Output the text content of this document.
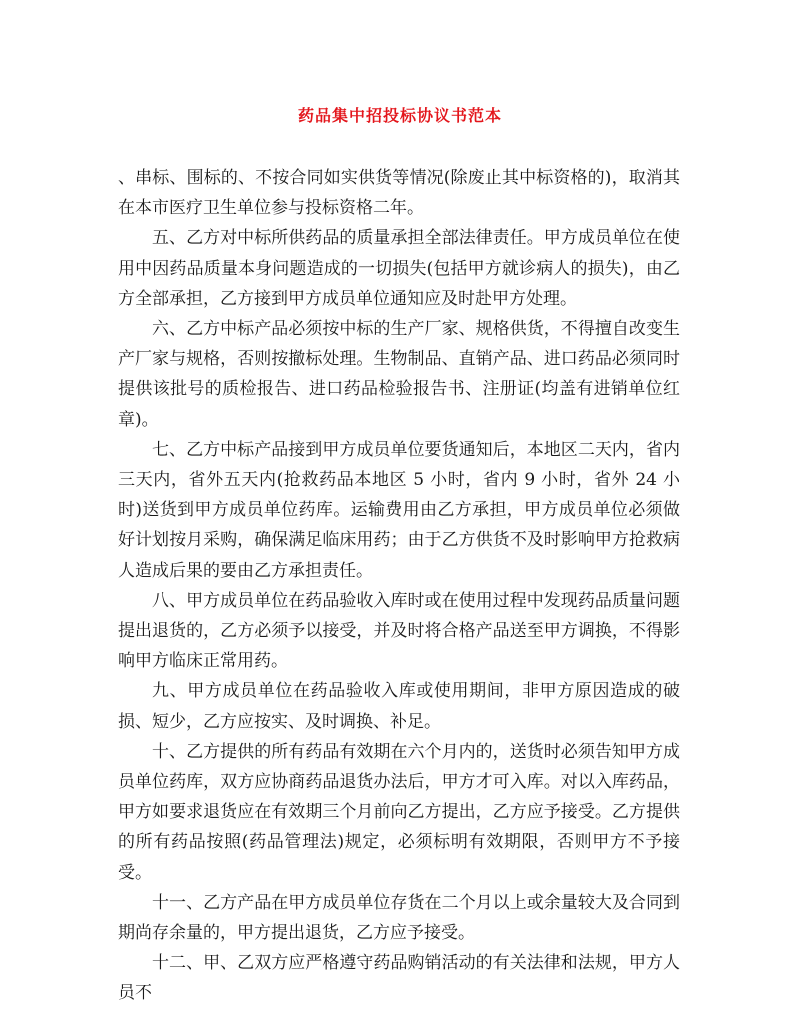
药品集中招投标协议书范本

、串标、围标的、不按合同如实供货等情况(除废止其中标资格的)，取消其在本市医疗卫生单位参与投标资格二年。

五、乙方对中标所供药品的质量承担全部法律责任。甲方成员单位在使用中因药品质量本身问题造成的一切损失(包括甲方就诊病人的损失)，由乙方全部承担，乙方接到甲方成员单位通知应及时赴甲方处理。

六、乙方中标产品必须按中标的生产厂家、规格供货，不得擅自改变生产厂家与规格，否则按撤标处理。生物制品、直销产品、进口药品必须同时提供该批号的质检报告、进口药品检验报告书、注册证(均盖有进销单位红章)。

七、乙方中标产品接到甲方成员单位要货通知后，本地区二天内，省内三天内，省外五天内(抢救药品本地区 5 小时，省内 9 小时，省外 24 小时)送货到甲方成员单位药库。运输费用由乙方承担，甲方成员单位必须做好计划按月采购，确保满足临床用药；由于乙方供货不及时影响甲方抢救病人造成后果的要由乙方承担责任。

八、甲方成员单位在药品验收入库时或在使用过程中发现药品质量问题提出退货的，乙方必须予以接受，并及时将合格产品送至甲方调换，不得影响甲方临床正常用药。

九、甲方成员单位在药品验收入库或使用期间，非甲方原因造成的破损、短少，乙方应按实、及时调换、补足。

十、乙方提供的所有药品有效期在六个月内的，送货时必须告知甲方成员单位药库，双方应协商药品退货办法后，甲方才可入库。对以入库药品，甲方如要求退货应在有效期三个月前向乙方提出，乙方应予接受。乙方提供的所有药品按照(药品管理法)规定，必须标明有效期限，否则甲方不予接受。

十一、乙方产品在甲方成员单位存货在二个月以上或余量较大及合同到期尚存余量的，甲方提出退货，乙方应予接受。

十二、甲、乙双方应严格遵守药品购销活动的有关法律和法规，甲方人员不
